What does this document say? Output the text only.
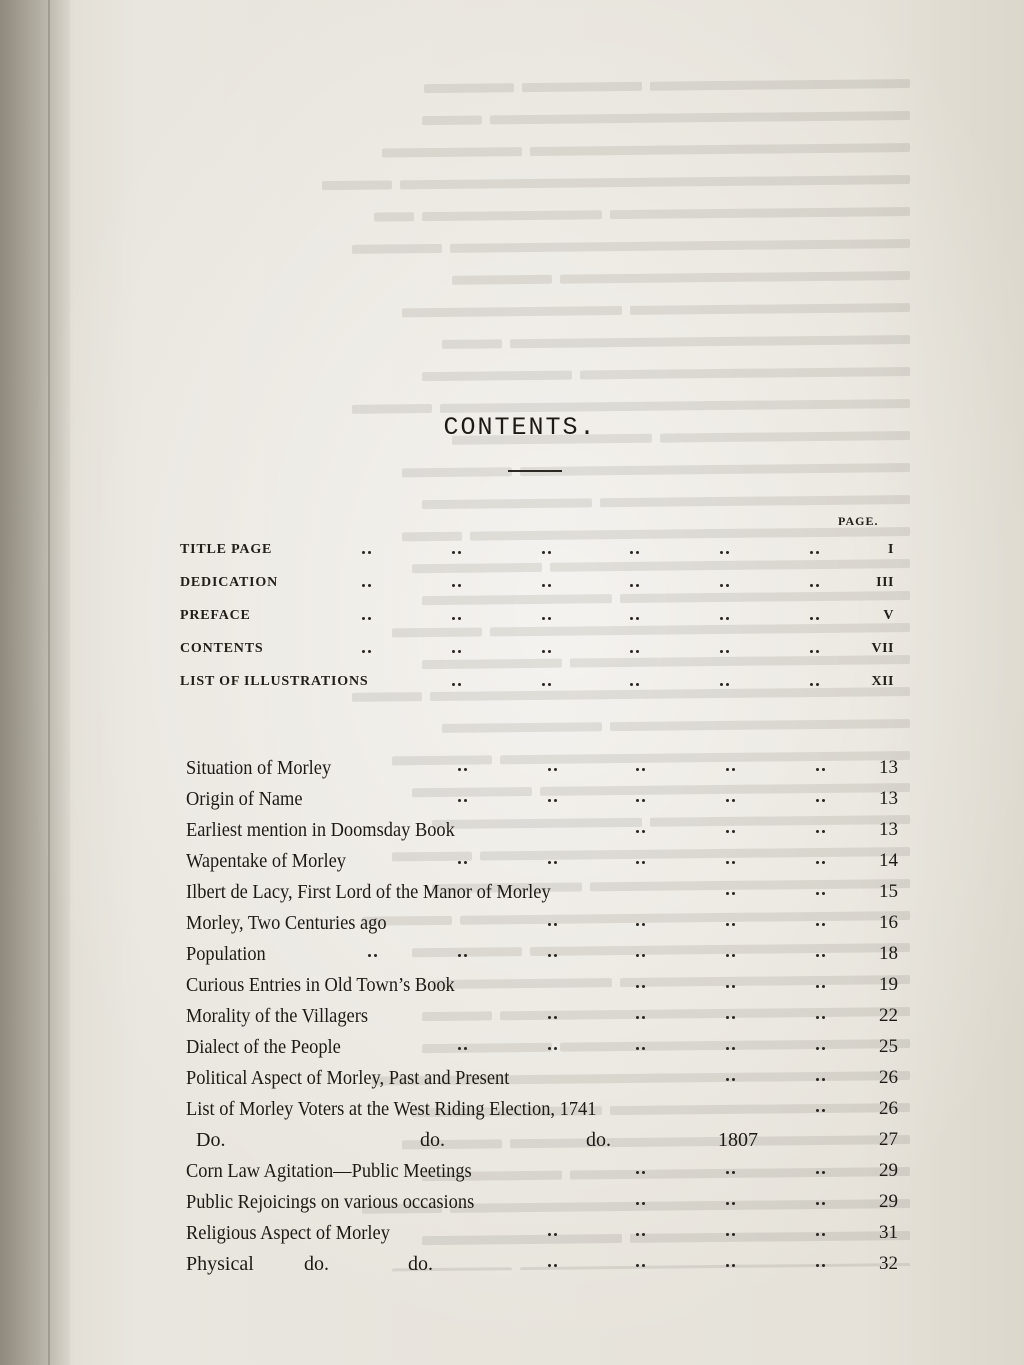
CONTENTS.
PAGE.
TITLE PAGE	I
DEDICATION	III
PREFACE	V
CONTENTS	VII
LIST OF ILLUSTRATIONS	XII
Situation of Morley	13
Origin of Name	13
Earliest mention in Doomsday Book	13
Wapentake of Morley	14
Ilbert de Lacy, First Lord of the Manor of Morley	15
Morley, Two Centuries ago	16
Population	18
Curious Entries in Old Town’s Book	19
Morality of the Villagers	22
Dialect of the People	25
Political Aspect of Morley, Past and Present	26
List of Morley Voters at the West Riding Election, 1741	26
Do.	do.	do.	1807	27
Corn Law Agitation—Public Meetings	29
Public Rejoicings on various occasions	29
Religious Aspect of Morley	31
Physical	do.	do.	32
